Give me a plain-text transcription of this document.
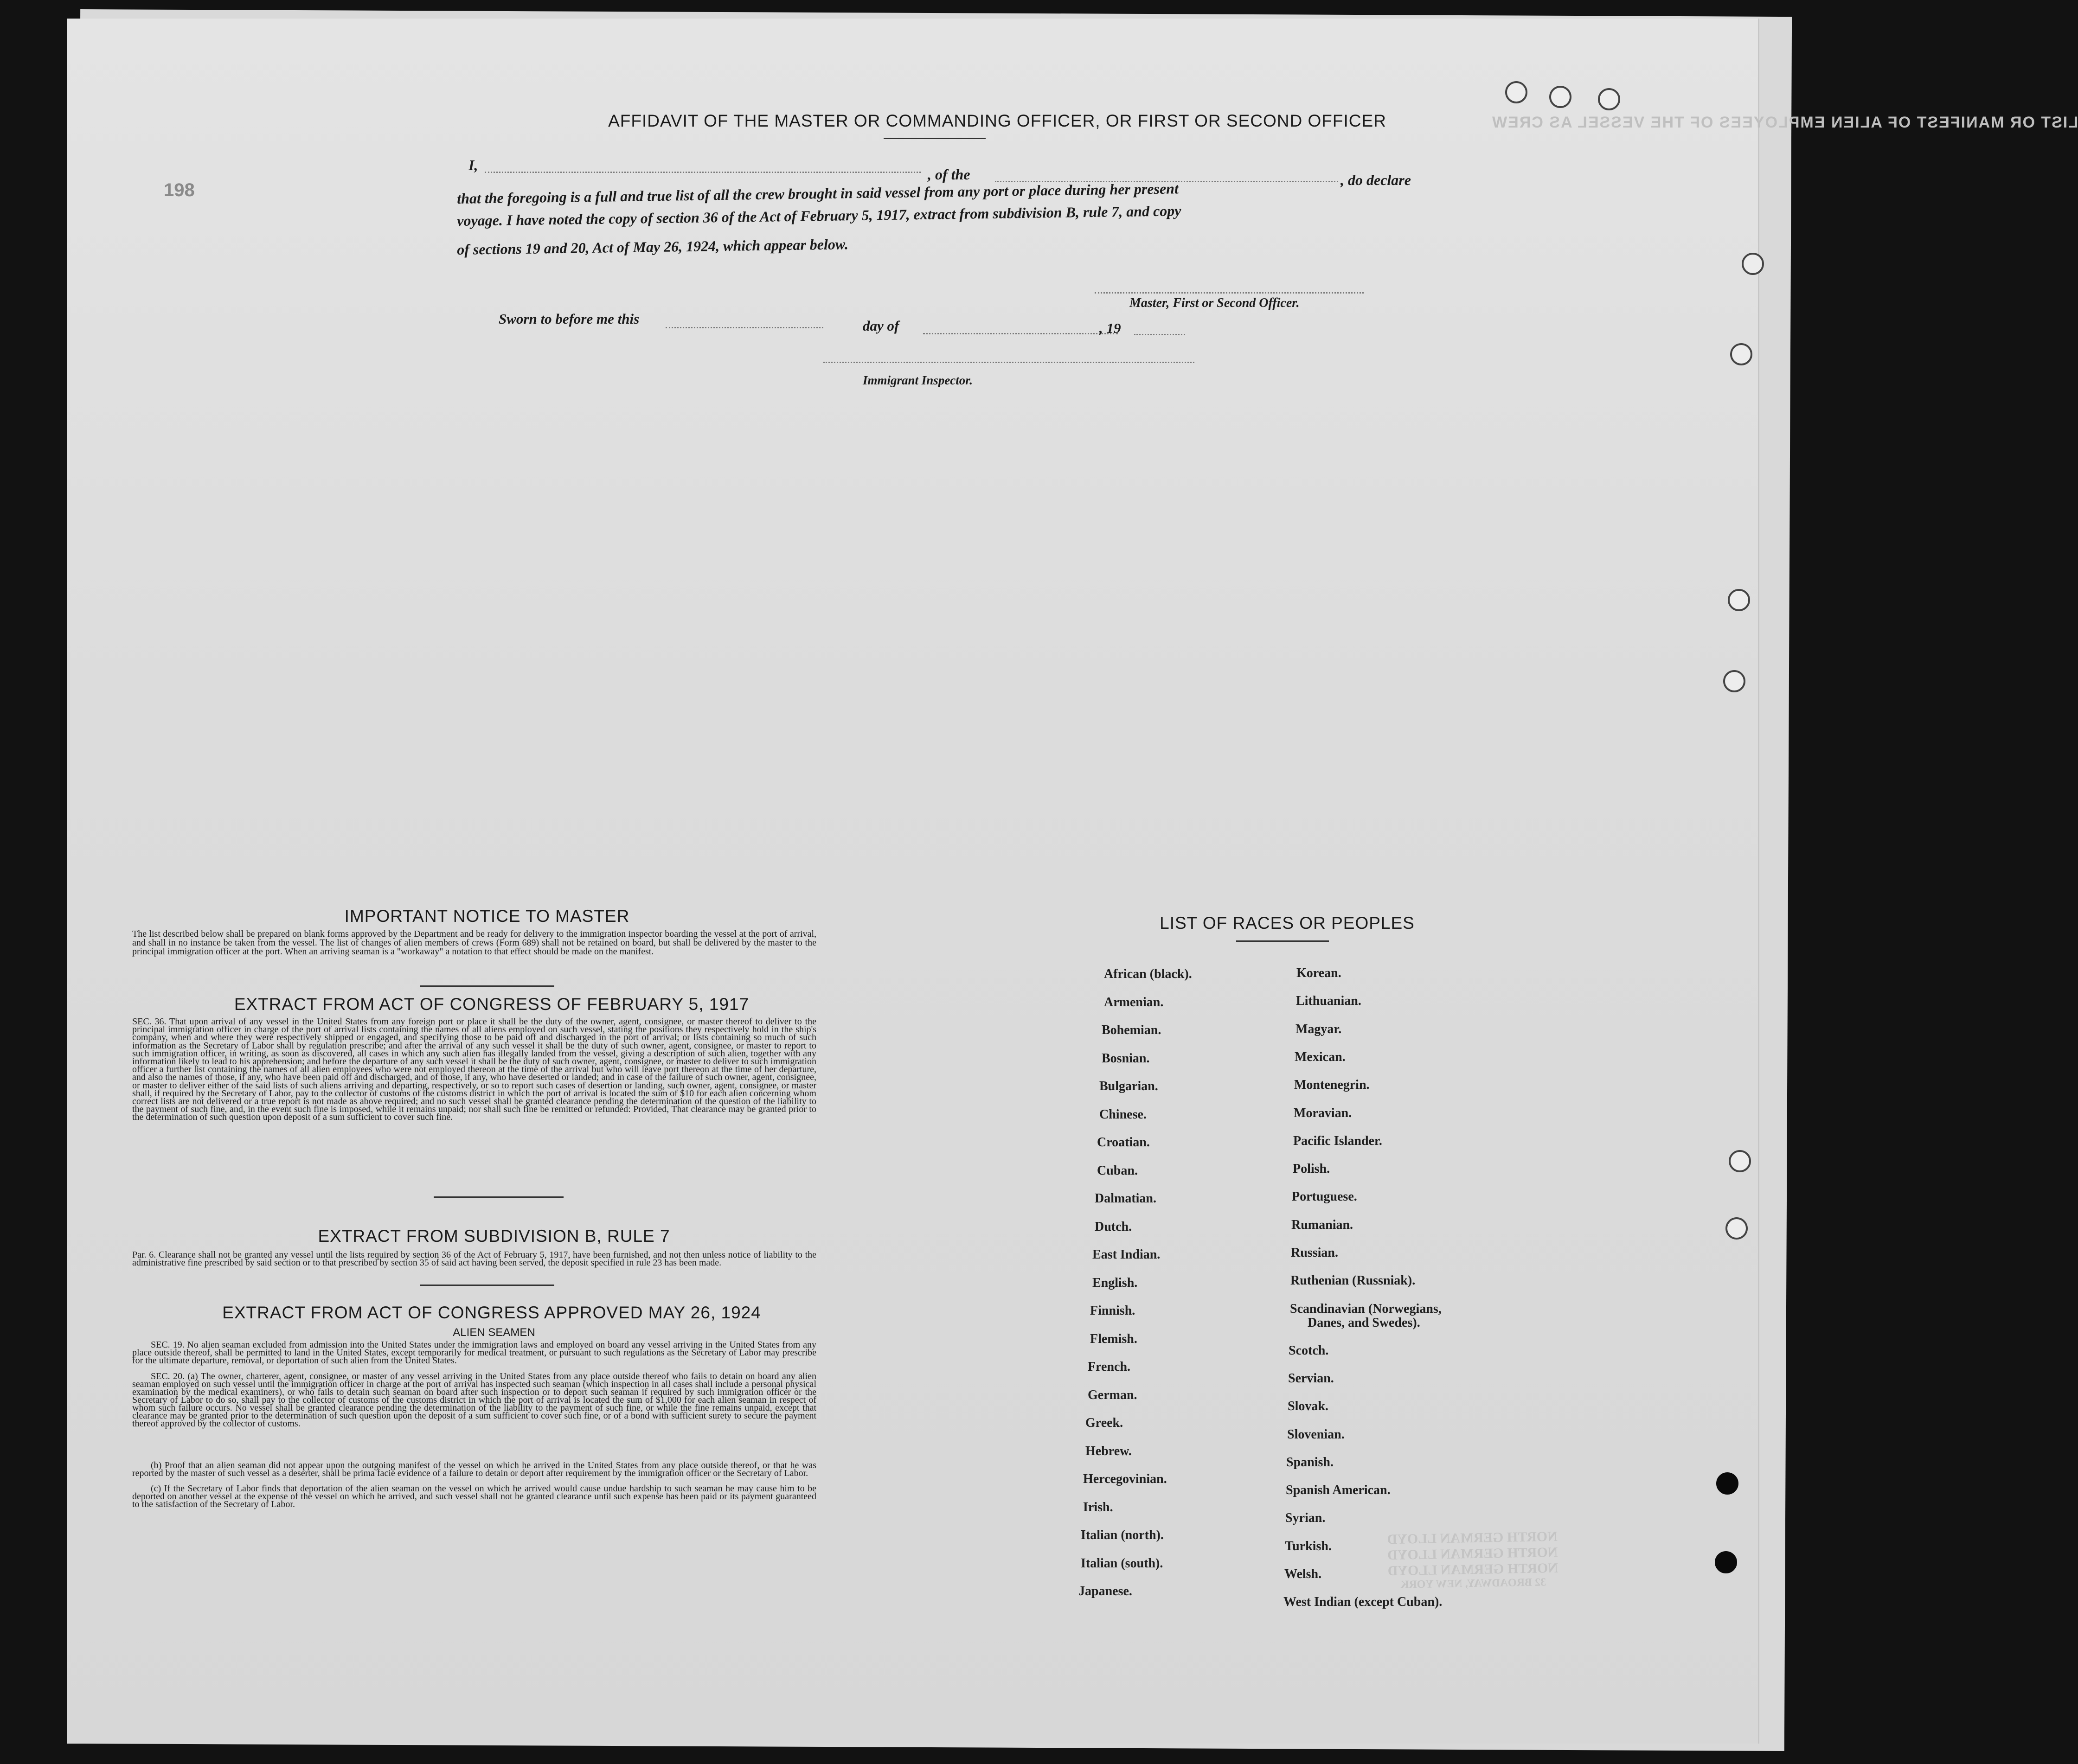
LIST OR MANIFEST OF ALIEN EMPLOYEES OF THE VESSEL AS CREW
198
AFFIDAVIT OF THE MASTER OR COMMANDING OFFICER, OR FIRST OR SECOND OFFICER
I,
, of the	, do declare
that the foregoing is a full and true list of all the crew brought in said vessel from any port or place during her present
voyage. I have noted the copy of section 36 of the Act of February 5, 1917, extract from subdivision B, rule 7, and copy
of sections 19 and 20, Act of May 26, 1924, which appear below.
Master, First or Second Officer.
Sworn to before me this	day of	, 19
Immigrant Inspector.
IMPORTANT NOTICE TO MASTER
The list described below shall be prepared on blank forms approved by the Department and be ready for delivery to the immigration inspector boarding the vessel at the port of arrival, and shall in no instance be taken from the vessel. The list of changes of alien members of crews (Form 689) shall not be retained on board, but shall be delivered by the master to the principal immigration officer at the port. When an arriving seaman is a "workaway" a notation to that effect should be made on the manifest.
EXTRACT FROM ACT OF CONGRESS OF FEBRUARY 5, 1917
SEC. 36. That upon arrival of any vessel in the United States from any foreign port or place it shall be the duty of the owner, agent, consignee, or master thereof to deliver to the principal immigration officer in charge of the port of arrival lists containing the names of all aliens employed on such vessel, stating the positions they respectively hold in the ship's company, when and where they were respectively shipped or engaged, and specifying those to be paid off and discharged in the port of arrival; or lists containing so much of such information as the Secretary of Labor shall by regulation prescribe; and after the arrival of any such vessel it shall be the duty of such owner, agent, consignee, or master to report to such immigration officer, in writing, as soon as discovered, all cases in which any such alien has illegally landed from the vessel, giving a description of such alien, together with any information likely to lead to his apprehension; and before the departure of any such vessel it shall be the duty of such owner, agent, consignee, or master to deliver to such immigration officer a further list containing the names of all alien employees who were not employed thereon at the time of the arrival but who will leave port thereon at the time of her departure, and also the names of those, if any, who have been paid off and discharged, and of those, if any, who have deserted or landed; and in case of the failure of such owner, agent, consignee, or master to deliver either of the said lists of such aliens arriving and departing, respectively, or so to report such cases of desertion or landing, such owner, agent, consignee, or master shall, if required by the Secretary of Labor, pay to the collector of customs of the customs district in which the port of arrival is located the sum of $10 for each alien concerning whom correct lists are not delivered or a true report is not made as above required; and no such vessel shall be granted clearance pending the determination of the question of the liability to the payment of such fine, and, in the event such fine is imposed, while it remains unpaid; nor shall such fine be remitted or refunded: Provided, That clearance may be granted prior to the determination of such question upon deposit of a sum sufficient to cover such fine.
EXTRACT FROM SUBDIVISION B, RULE 7
Par. 6. Clearance shall not be granted any vessel until the lists required by section 36 of the Act of February 5, 1917, have been furnished, and not then unless notice of liability to the administrative fine prescribed by said section or to that prescribed by section 35 of said act having been served, the deposit specified in rule 23 has been made.
EXTRACT FROM ACT OF CONGRESS APPROVED MAY 26, 1924
ALIEN SEAMEN
SEC. 19. No alien seaman excluded from admission into the United States under the immigration laws and employed on board any vessel arriving in the United States from any place outside thereof, shall be permitted to land in the United States, except temporarily for medical treatment, or pursuant to such regulations as the Secretary of Labor may prescribe for the ultimate departure, removal, or deportation of such alien from the United States.
SEC. 20. (a) The owner, charterer, agent, consignee, or master of any vessel arriving in the United States from any place outside thereof who fails to detain on board any alien seaman employed on such vessel until the immigration officer in charge at the port of arrival has inspected such seaman (which inspection in all cases shall include a personal physical examination by the medical examiners), or who fails to detain such seaman on board after such inspection or to deport such seaman if required by such immigration officer or the Secretary of Labor to do so, shall pay to the collector of customs of the customs district in which the port of arrival is located the sum of $1,000 for each alien seaman in respect of whom such failure occurs. No vessel shall be granted clearance pending the determination of the liability to the payment of such fine, or while the fine remains unpaid, except that clearance may be granted prior to the determination of such question upon the deposit of a sum sufficient to cover such fine, or of a bond with sufficient surety to secure the payment thereof approved by the collector of customs.
(b) Proof that an alien seaman did not appear upon the outgoing manifest of the vessel on which he arrived in the United States from any place outside thereof, or that he was reported by the master of such vessel as a deserter, shall be prima facie evidence of a failure to detain or deport after requirement by the immigration officer or the Secretary of Labor.
(c) If the Secretary of Labor finds that deportation of the alien seaman on the vessel on which he arrived would cause undue hardship to such seaman he may cause him to be deported on another vessel at the expense of the vessel on which he arrived, and such vessel shall not be granted clearance until such expense has been paid or its payment guaranteed to the satisfaction of the Secretary of Labor.
LIST OF RACES OR PEOPLES
NORTH GERMAN LLOYD
NORTH GERMAN LLOYD
NORTH GERMAN LLOYD
32 BROADWAY, NEW YORK
African (black).
Armenian.
Bohemian.
Bosnian.
Bulgarian.
Chinese.
Croatian.
Cuban.
Dalmatian.
Dutch.
East Indian.
English.
Finnish.
Flemish.
French.
German.
Greek.
Hebrew.
Hercegovinian.
Irish.
Italian (north).
Italian (south).
Japanese.
Korean.
Lithuanian.
Magyar.
Mexican.
Montenegrin.
Moravian.
Pacific Islander.
Polish.
Portuguese.
Rumanian.
Russian.
Ruthenian (Russniak).
Scandinavian (Norwegians,
Danes, and Swedes).
Scotch.
Servian.
Slovak.
Slovenian.
Spanish.
Spanish American.
Syrian.
Turkish.
Welsh.
West Indian (except Cuban).
